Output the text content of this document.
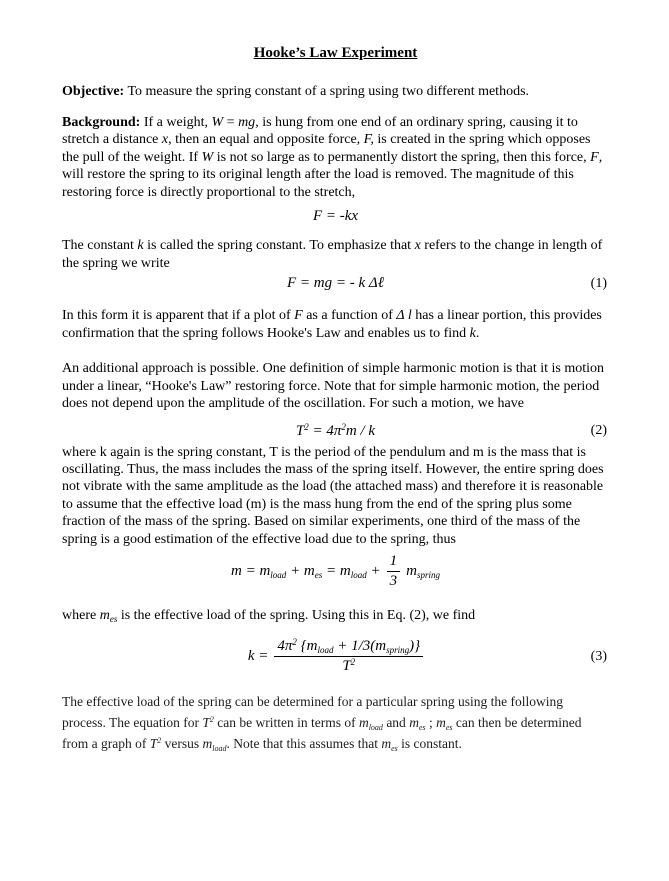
Hooke’s Law Experiment

Objective: To measure the spring constant of a spring using two different methods.

Background: If a weight, W = mg, is hung from one end of an ordinary spring, causing it to stretch a distance x, then an equal and opposite force, F, is created in the spring which opposes the pull of the weight. If W is not so large as to permanently distort the spring, then this force, F, will restore the spring to its original length after the load is removed. The magnitude of this restoring force is directly proportional to the stretch,

F = -kx

The constant k is called the spring constant. To emphasize that x refers to the change in length of the spring we write

F = mg = - k Δℓ	(1)

In this form it is apparent that if a plot of F as a function of Δ l has a linear portion, this provides confirmation that the spring follows Hooke's Law and enables us to find k.

An additional approach is possible. One definition of simple harmonic motion is that it is motion under a linear, “Hooke's Law” restoring force. Note that for simple harmonic motion, the period does not depend upon the amplitude of the oscillation. For such a motion, we have

$T^2 = 4\pi^2m / k$	(2)

where k again is the spring constant, T is the period of the pendulum and m is the mass that is oscillating. Thus, the mass includes the mass of the spring itself. However, the entire spring does not vibrate with the same amplitude as the load (the attached mass) and therefore it is reasonable to assume that the effective load (m) is the mass hung from the end of the spring plus some fraction of the mass of the spring. Based on similar experiments, one third of the mass of the spring is a good estimation of the effective load due to the spring, thus

$m = m_{load} + m_{es} = m_{load} + \frac{1}{3} m_{spring}$

where $m_{es}$ is the effective load of the spring. Using this in Eq. (2), we find

$k = \frac{4\pi^2 \{m_{load} + 1/3(m_{spring})\}}{T^2}$	(3)

The effective load of the spring can be determined for a particular spring using the following process. The equation for $T^2$ can be written in terms of $m_{load}$ and $m_{es}$ ; $m_{es}$ can then be determined from a graph of $T^2$ versus $m_{load}$. Note that this assumes that $m_{es}$ is constant.
